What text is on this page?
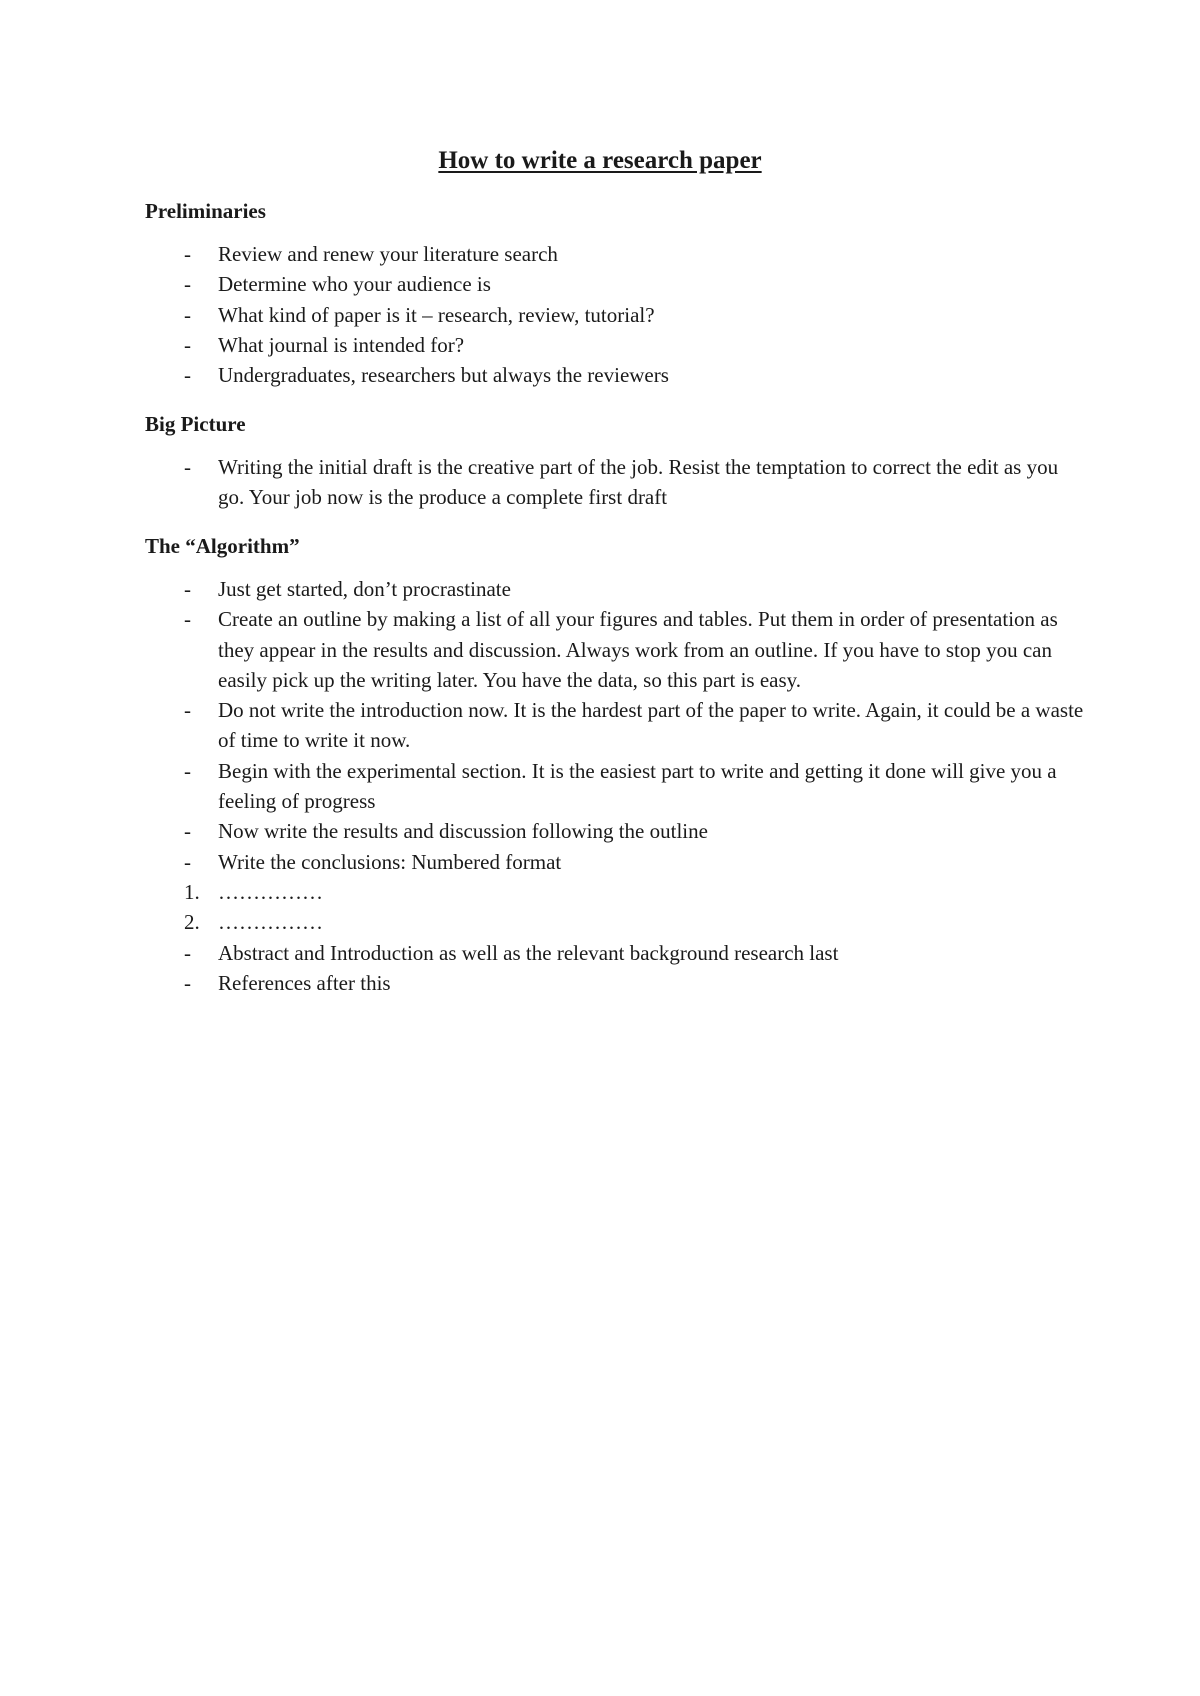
How to write a research paper
Preliminaries
- Review and renew your literature search
- Determine who your audience is
- What kind of paper is it – research, review, tutorial?
- What journal is intended for?
- Undergraduates, researchers but always the reviewers
Big Picture
- Writing the initial draft is the creative part of the job. Resist the temptation to correct the edit as you go. Your job now is the produce a complete first draft
The “Algorithm”
- Just get started, don’t procrastinate
- Create an outline by making a list of all your figures and tables. Put them in order of presentation as they appear in the results and discussion. Always work from an outline. If you have to stop you can easily pick up the writing later. You have the data, so this part is easy.
- Do not write the introduction now. It is the hardest part of the paper to write. Again, it could be a waste of time to write it now.
- Begin with the experimental section. It is the easiest part to write and getting it done will give you a feeling of progress
- Now write the results and discussion following the outline
- Write the conclusions: Numbered format
1. ……………
2. ……………
- Abstract and Introduction as well as the relevant background research last
- References after this
